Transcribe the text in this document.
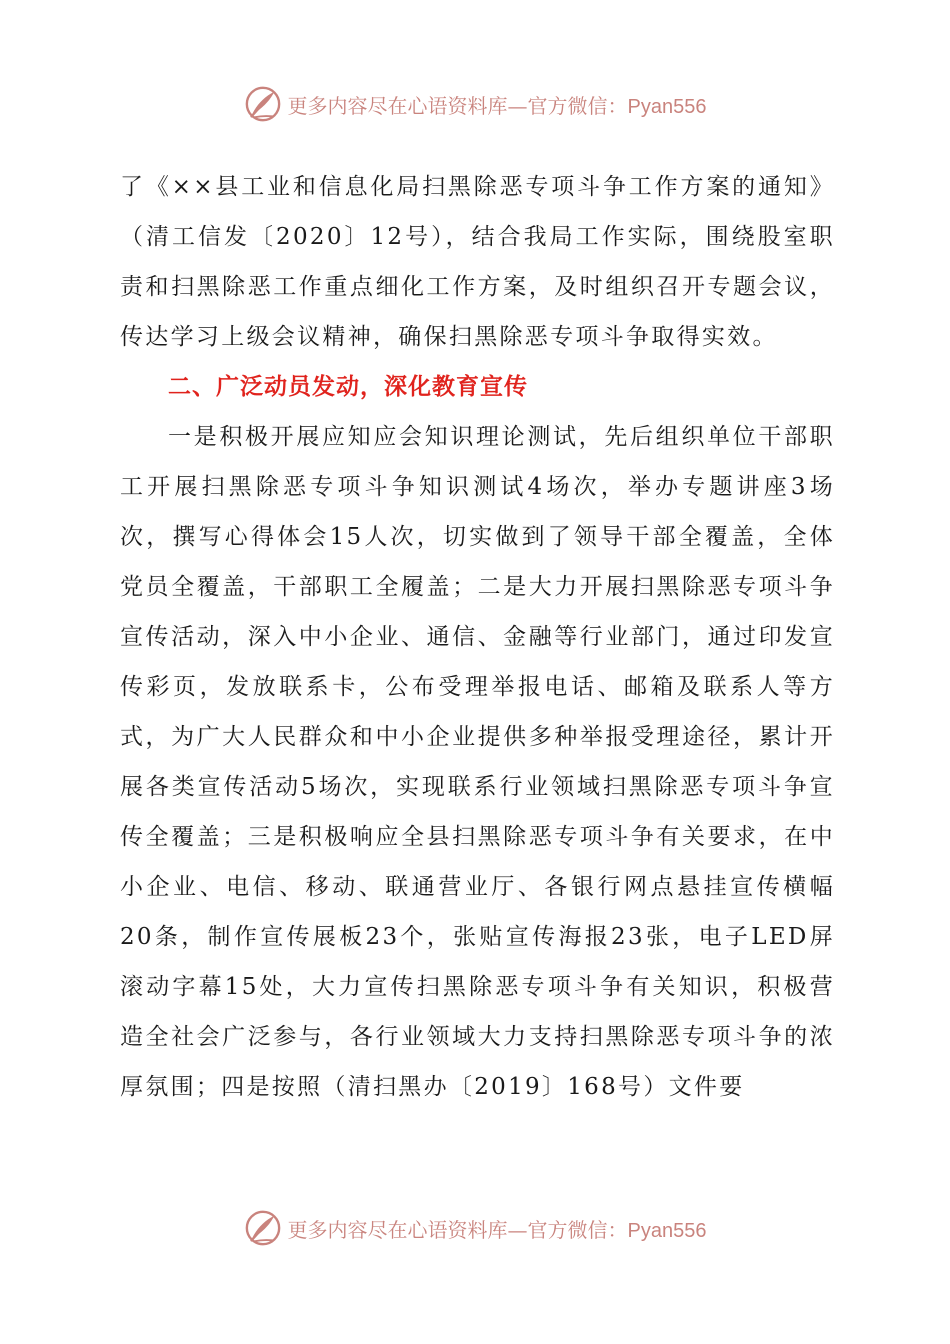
更多内容尽在心语资料库—官方微信：Pyan556

了《××县工业和信息化局扫黑除恶专项斗争工作方案的通知》（清工信发〔2020〕12号），结合我局工作实际，围绕股室职责和扫黑除恶工作重点细化工作方案，及时组织召开专题会议，传达学习上级会议精神，确保扫黑除恶专项斗争取得实效。

二、广泛动员发动，深化教育宣传

一是积极开展应知应会知识理论测试，先后组织单位干部职工开展扫黑除恶专项斗争知识测试4场次，举办专题讲座3场次，撰写心得体会15人次，切实做到了领导干部全覆盖，全体党员全覆盖，干部职工全履盖；二是大力开展扫黑除恶专项斗争宣传活动，深入中小企业、通信、金融等行业部门，通过印发宣传彩页，发放联系卡，公布受理举报电话、邮箱及联系人等方式，为广大人民群众和中小企业提供多种举报受理途径，累计开展各类宣传活动5场次，实现联系行业领域扫黑除恶专项斗争宣传全覆盖；三是积极响应全县扫黑除恶专项斗争有关要求，在中小企业、电信、移动、联通营业厅、各银行网点悬挂宣传横幅20条，制作宣传展板23个，张贴宣传海报23张，电子LED屏滚动字幕15处，大力宣传扫黑除恶专项斗争有关知识，积极营造全社会广泛参与，各行业领域大力支持扫黑除恶专项斗争的浓厚氛围；四是按照（清扫黑办〔2019〕168号）文件要

更多内容尽在心语资料库—官方微信：Pyan556
